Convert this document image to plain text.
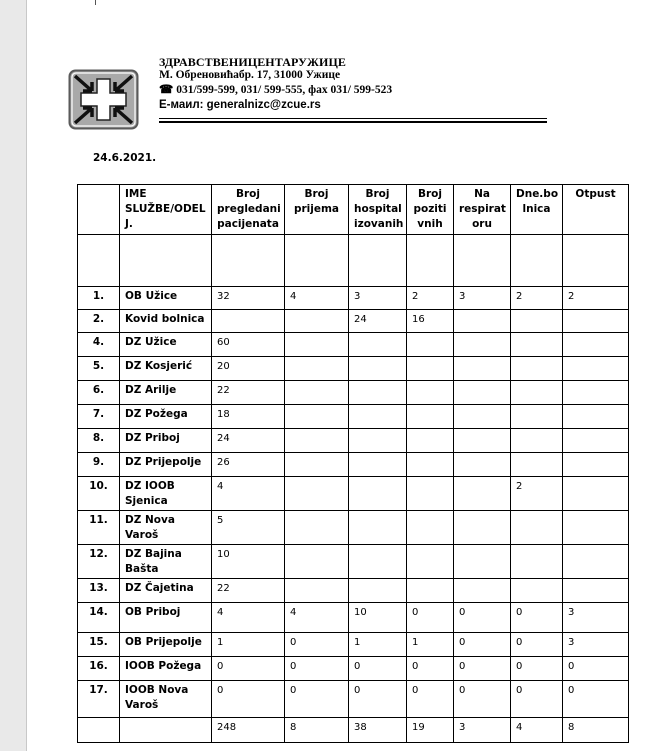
ЗДРАВСТВЕНИЦЕНТАРУЖИЦЕ
М. Обреновићабр. 17, 31000 Ужице
☎ 031/599-599, 031/ 599-555, фах 031/ 599-523
Е-маил: generalnizc@zcue.rs
24.6.2021.
	IME SLUŽBE/ODEL J.	Broj pregledani pacijenata	Broj prijema	Broj hospital izovanih	Broj poziti vnih	Na respirat oru	Dne.bo lnica	Otpust

1.	OB Užice	32	4	3	2	3	2	2
2.	Kovid bolnica			24	16			
4.	DZ Užice	60						
5.	DZ Kosjerić	20						
6.	DZ Arilje	22						
7.	DZ Požega	18						
8.	DZ Priboj	24						
9.	DZ Prijepolje	26						
10.	DZ IOOB Sjenica	4					2	
11.	DZ Nova Varoš	5						
12.	DZ Bajina Bašta	10						
13.	DZ Čajetina	22						
14.	OB Priboj	4	4	10	0	0	0	3
15.	OB Prijepolje	1	0	1	1	0	0	3
16.	IOOB Požega	0	0	0	0	0	0	0
17.	IOOB Nova Varoš	0	0	0	0	0	0	0
		248	8	38	19	3	4	8
